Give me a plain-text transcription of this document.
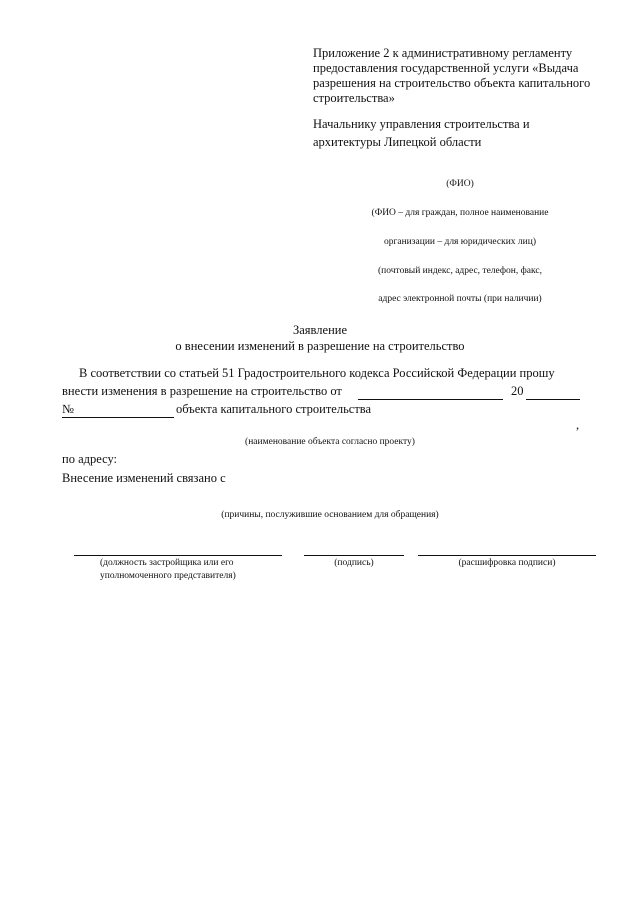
Приложение 2 к административному регламенту
предоставления государственной услуги «Выдача
разрешения на строительство объекта капитального
строительства»
Начальнику управления строительства и
архитектуры Липецкой области
(ФИО)
(ФИО – для граждан, полное наименование
организации – для юридических лиц)
(почтовый индекс, адрес, телефон, факс,
адрес электронной почты (при наличии)
Заявление
о внесении изменений в разрешение на строительство
В соответствии со статьей 51 Градостроительного кодекса Российской Федерации прошу
внести изменения в разрешение на строительство от	20
№	объекта капитального строительства
,
(наименование объекта согласно проекту)
по адресу:
Внесение изменений связано с
(причины, послужившие основанием для обращения)
(должность застройщика или его
уполномоченного представителя)
(подпись)	(расшифровка подписи)
